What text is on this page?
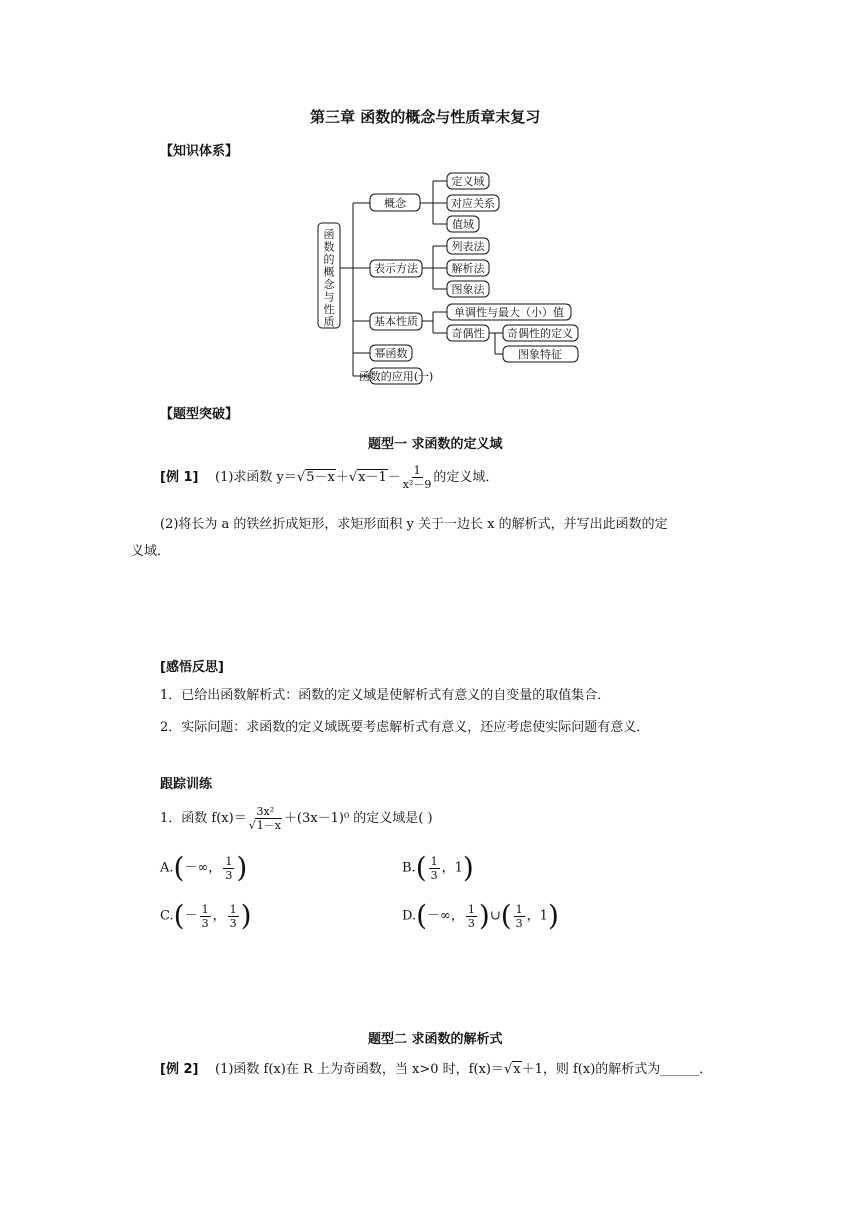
第三章 函数的概念与性质章末复习
【知识体系】
函
数
的
概
念
与
性
质
概念
表示方法
基本性质
幂函数
函数的应用(一)
定义域
对应关系
值域
列表法
解析法
图象法
单调性与最大（小）值
奇偶性 奇偶性的定义
图象特征
【题型突破】
题型一 求函数的定义域
[例 1] (1)求函数 y＝ √ 5－x＋ √ $x-1- \frac{1}{\text{x²－9}}$ 的定义域．
(2)将长为 a 的铁丝折成矩形，求矩形面积 y 关于一边长 x 的解析式，并写出此函数的定
义域．
[感悟反思]
1．已给出函数解析式：函数的定义域是使解析式有意义的自变量的取值集合．
2．实际问题：求函数的定义域既要考虑解析式有意义，还应考虑使实际问题有意义．
跟踪训练
1．函数 f(x)＝ 3x²
√ 1－x ＋(3x－1)⁰ 的定义域是( )
A.(－∞， $\frac{1}{3}$ )	$B.( \frac{1}{3}$ ，1)
$C.(- \frac{1}{3}$ ， $\frac{1}{3}$ )	D.(－∞， $\frac{1}{3}$ )∪( $\frac{1}{3}$ ，1)
题型二 求函数的解析式
[例 2] (1)函数 f(x)在 R 上为奇函数，当 x>0 时，f(x)＝ √ x＋1，则 f(x)的解析式为______．
